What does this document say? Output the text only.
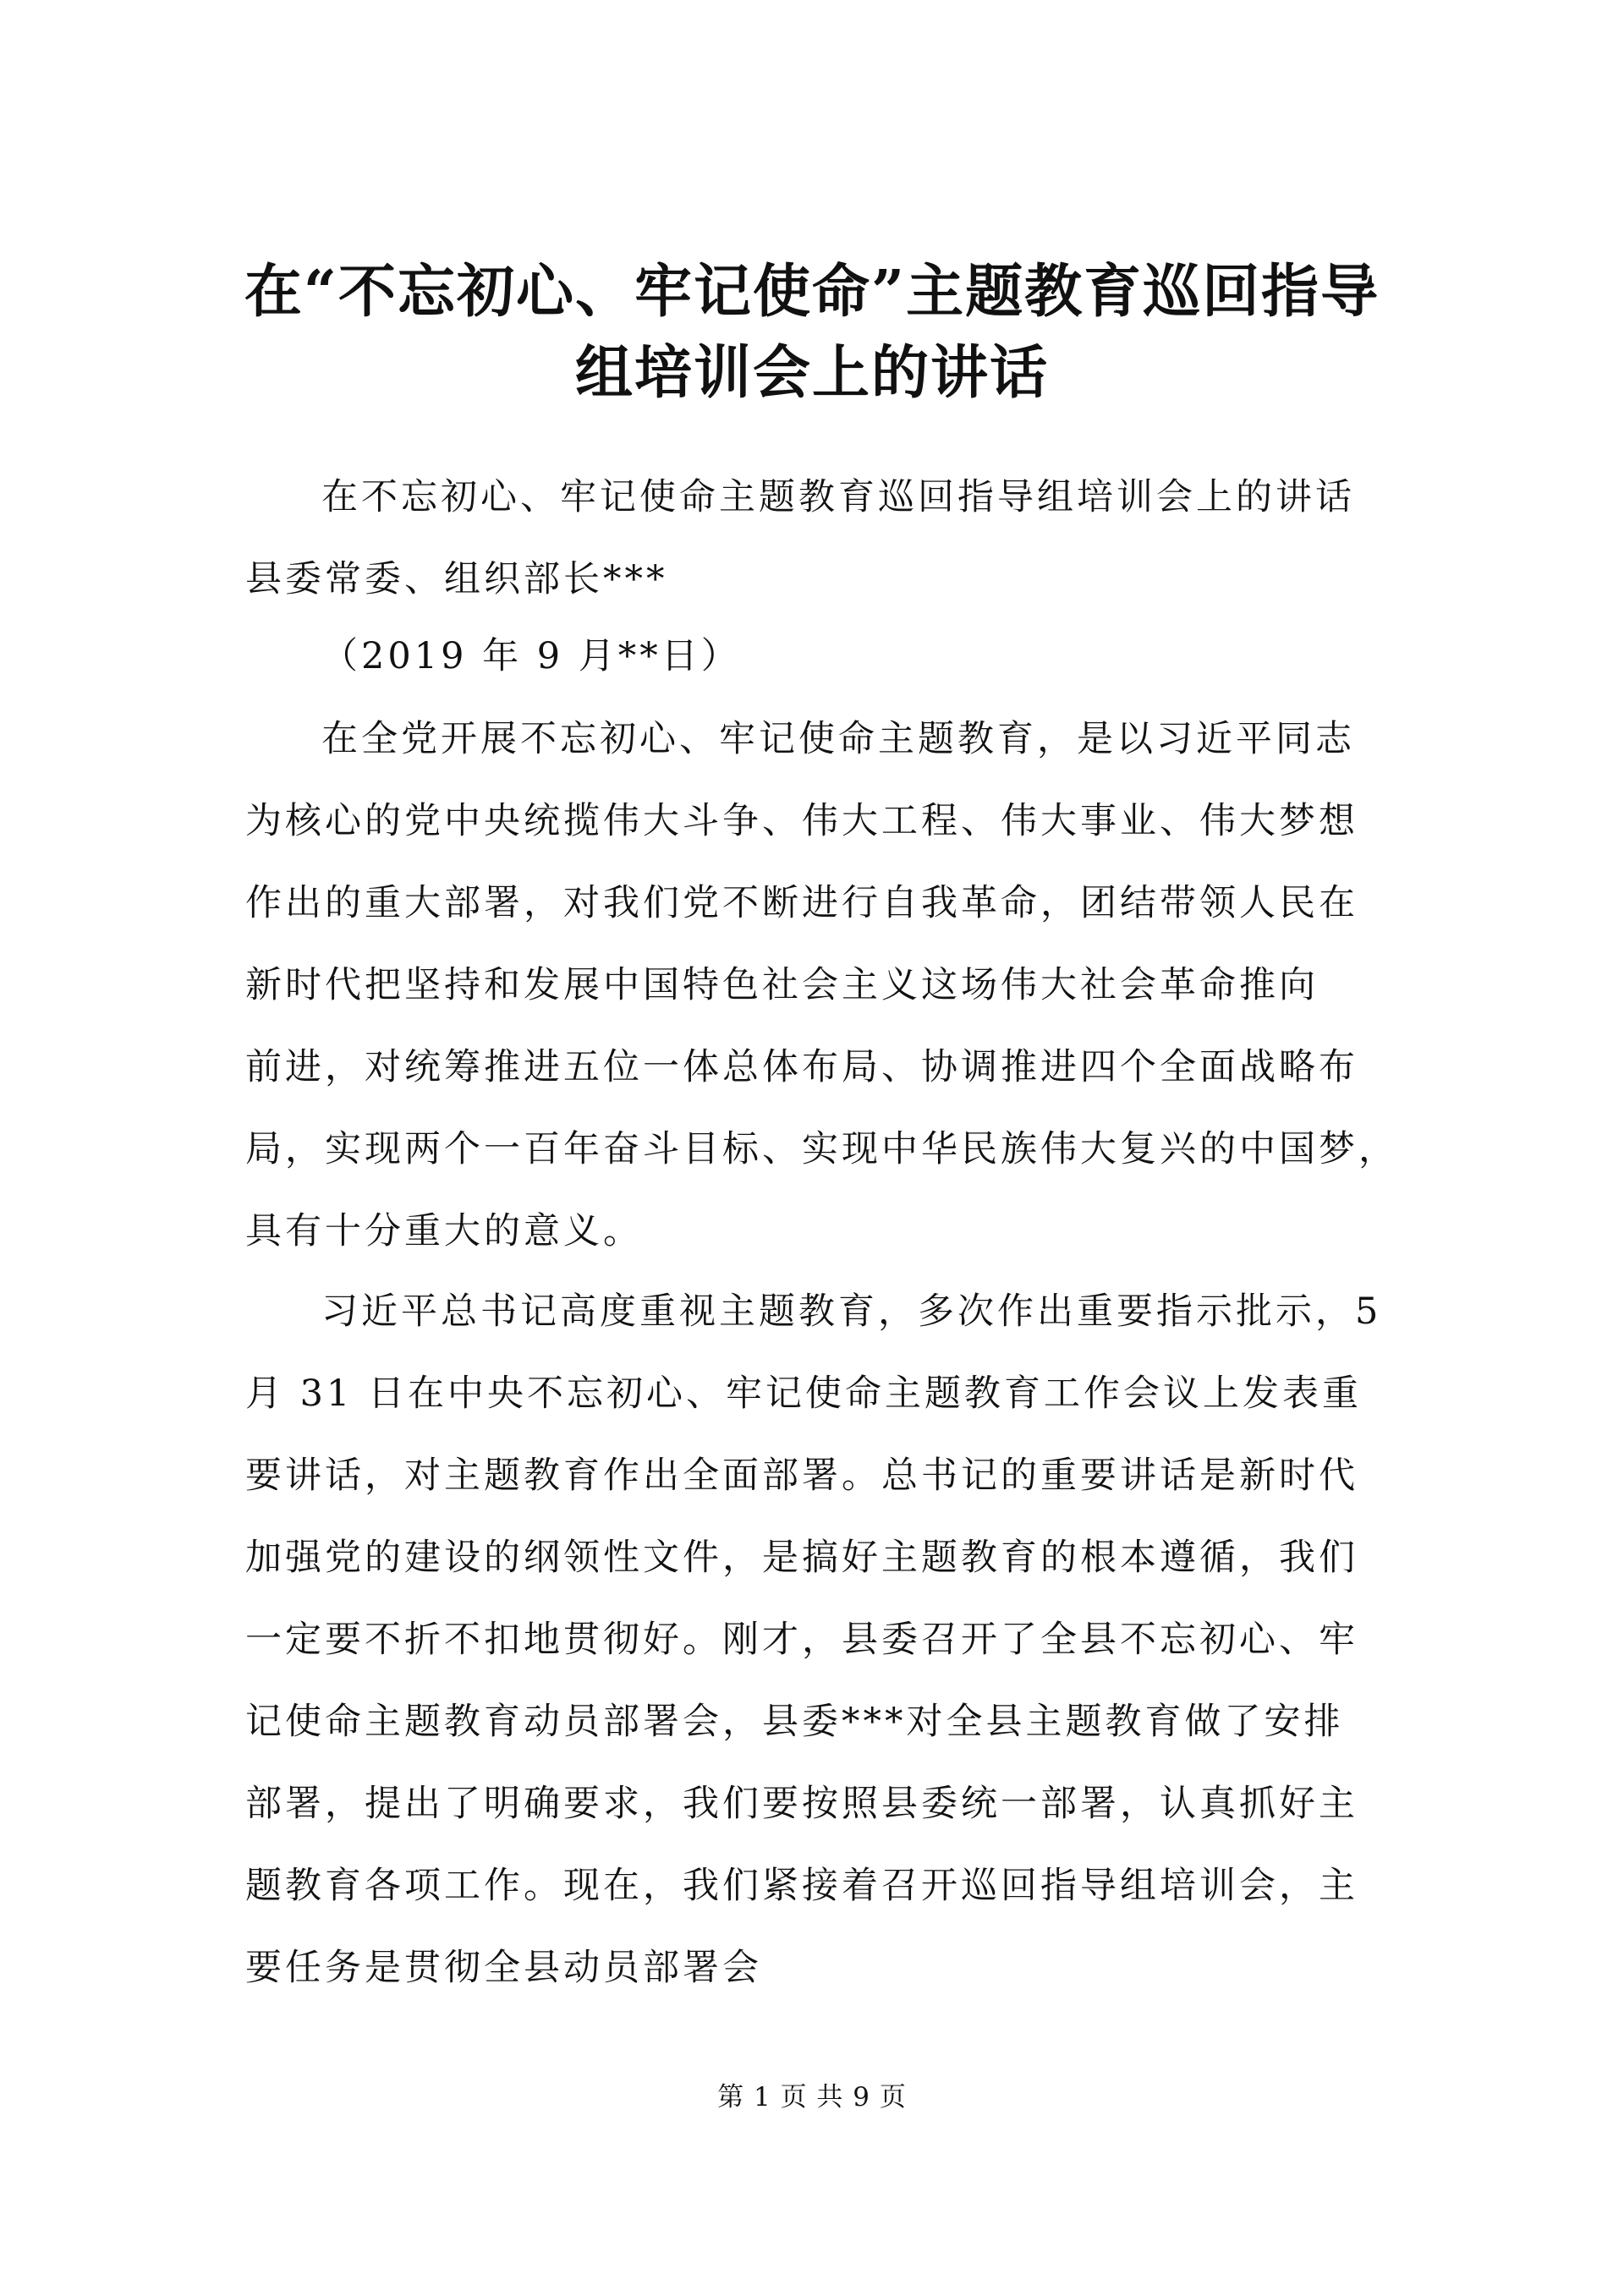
在“不忘初心、牢记使命”主题教育巡回指导
组培训会上的讲话
在不忘初心、牢记使命主题教育巡回指导组培训会上的讲话
县委常委、组织部长***
（2019 年 9 月**日）
在全党开展不忘初心、牢记使命主题教育，是以习近平同志
为核心的党中央统揽伟大斗争、伟大工程、伟大事业、伟大梦想
作出的重大部署，对我们党不断进行自我革命，团结带领人民在
新时代把坚持和发展中国特色社会主义这场伟大社会革命推向
前进，对统筹推进五位一体总体布局、协调推进四个全面战略布
局，实现两个一百年奋斗目标、实现中华民族伟大复兴的中国梦，
具有十分重大的意义。
习近平总书记高度重视主题教育，多次作出重要指示批示，5
月 31 日在中央不忘初心、牢记使命主题教育工作会议上发表重
要讲话，对主题教育作出全面部署。总书记的重要讲话是新时代
加强党的建设的纲领性文件，是搞好主题教育的根本遵循，我们
一定要不折不扣地贯彻好。刚才，县委召开了全县不忘初心、牢
记使命主题教育动员部署会，县委***对全县主题教育做了安排
部署，提出了明确要求，我们要按照县委统一部署，认真抓好主
题教育各项工作。现在，我们紧接着召开巡回指导组培训会，主
要任务是贯彻全县动员部署会
第 1 页 共 9 页
